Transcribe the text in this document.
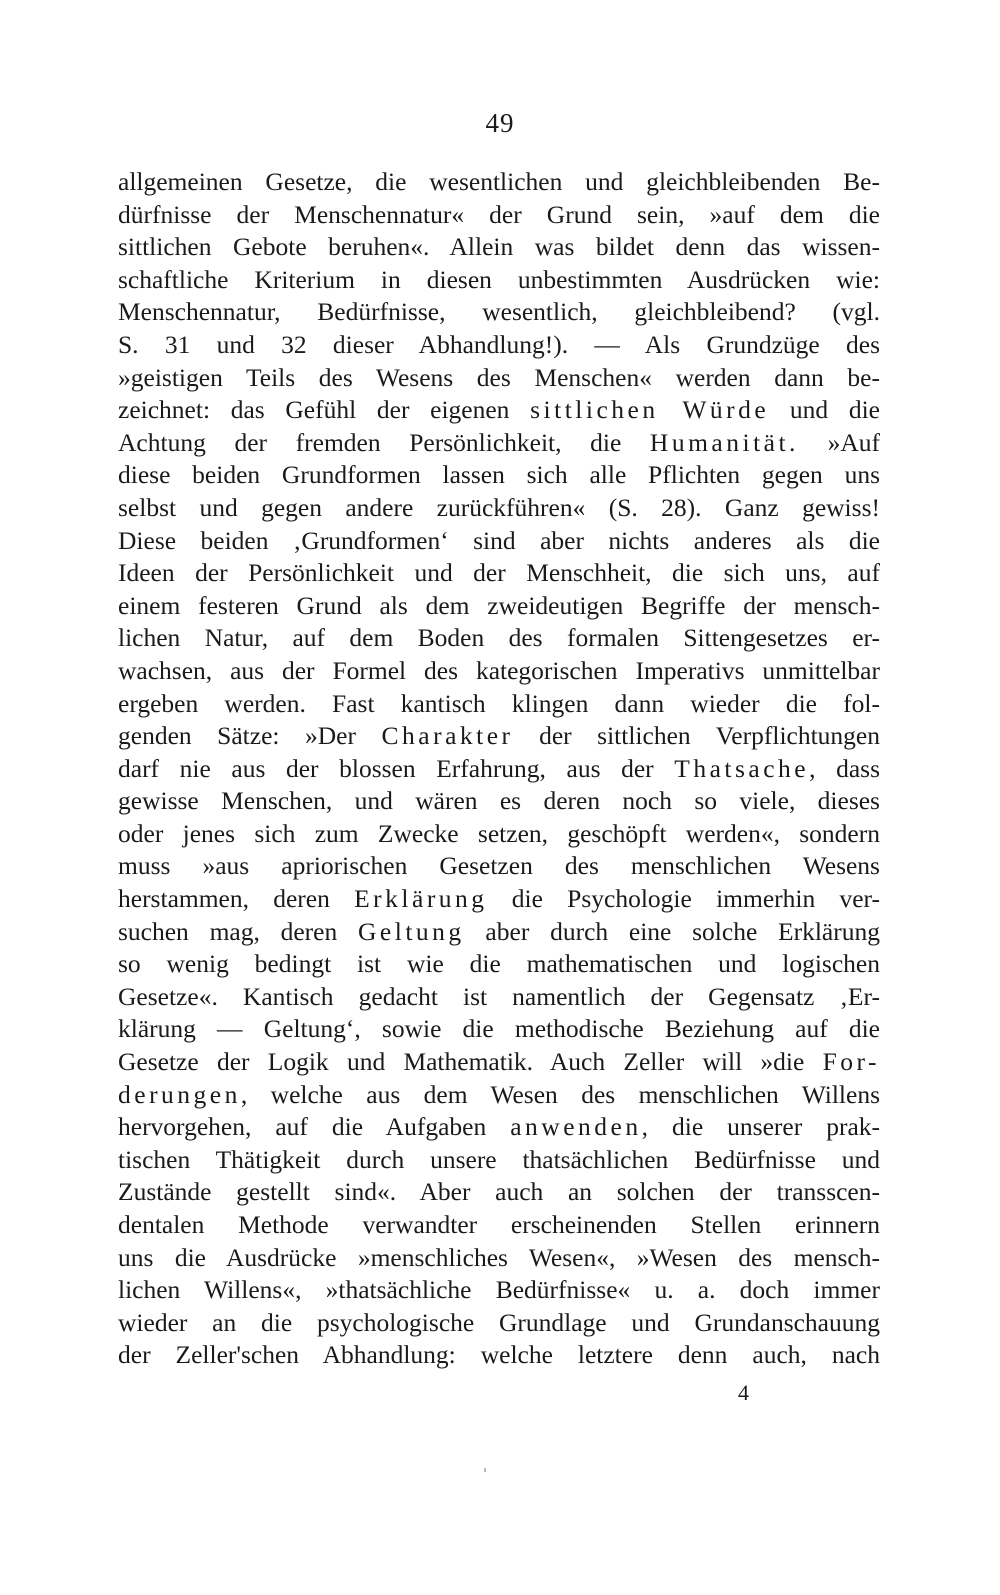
49
allgemeinen Gesetze, die wesentlichen und gleichbleibenden Be-
dürfnisse der Menschennatur« der Grund sein, »auf dem die
sittlichen Gebote beruhen«. Allein was bildet denn das wissen-
schaftliche Kriterium in diesen unbestimmten Ausdrücken wie:
Menschennatur, Bedürfnisse, wesentlich, gleichbleibend? (vgl.
S. 31 und 32 dieser Abhandlung!). — Als Grundzüge des
»geistigen Teils des Wesens des Menschen« werden dann be-
zeichnet: das Gefühl der eigenen sittlichen Würde und die
Achtung der fremden Persönlichkeit, die Humanität. »Auf
diese beiden Grundformen lassen sich alle Pflichten gegen uns
selbst und gegen andere zurückführen« (S. 28). Ganz gewiss!
Diese beiden ‚Grundformen‘ sind aber nichts anderes als die
Ideen der Persönlichkeit und der Menschheit, die sich uns, auf
einem festeren Grund als dem zweideutigen Begriffe der mensch-
lichen Natur, auf dem Boden des formalen Sittengesetzes er-
wachsen, aus der Formel des kategorischen Imperativs unmittelbar
ergeben werden. Fast kantisch klingen dann wieder die fol-
genden Sätze: »Der Charakter der sittlichen Verpflichtungen
darf nie aus der blossen Erfahrung, aus der Thatsache, dass
gewisse Menschen, und wären es deren noch so viele, dieses
oder jenes sich zum Zwecke setzen, geschöpft werden«, sondern
muss »aus apriorischen Gesetzen des menschlichen Wesens
herstammen, deren Erklärung die Psychologie immerhin ver-
suchen mag, deren Geltung aber durch eine solche Erklärung
so wenig bedingt ist wie die mathematischen und logischen
Gesetze«. Kantisch gedacht ist namentlich der Gegensatz ‚Er-
klärung — Geltung‘, sowie die methodische Beziehung auf die
Gesetze der Logik und Mathematik. Auch Zeller will »die For-
derungen, welche aus dem Wesen des menschlichen Willens
hervorgehen, auf die Aufgaben anwenden, die unserer prak-
tischen Thätigkeit durch unsere thatsächlichen Bedürfnisse und
Zustände gestellt sind«. Aber auch an solchen der transscen-
dentalen Methode verwandter erscheinenden Stellen erinnern
uns die Ausdrücke »menschliches Wesen«, »Wesen des mensch-
lichen Willens«, »thatsächliche Bedürfnisse« u. a. doch immer
wieder an die psychologische Grundlage und Grundanschauung
der Zeller'schen Abhandlung: welche letztere denn auch, nach
4
